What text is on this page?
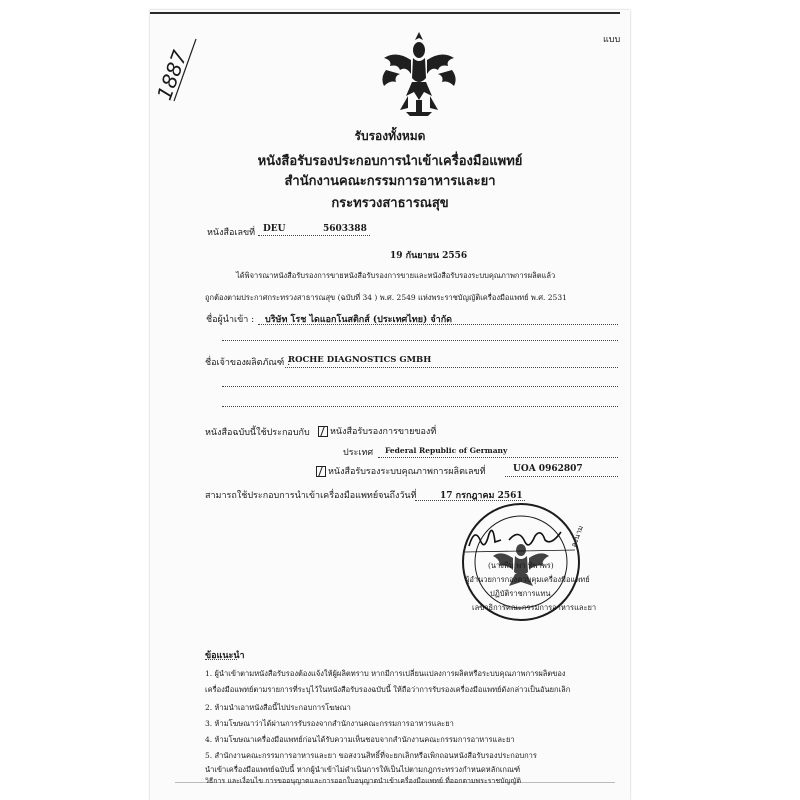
แบบ
1887
รับรองทั้งหมด
หนังสือรับรองประกอบการนำเข้าเครื่องมือแพทย์
สำนักงานคณะกรรมการอาหารและยา
กระทรวงสาธารณสุข
หนังสือเลขที่ DEU	5603388
19 กันยายน 2556
ได้พิจารณาหนังสือรับรองการขายหนังสือรับรองการขายและหนังสือรับรองระบบคุณภาพการผลิตแล้ว
ถูกต้องตามประกาศกระทรวงสาธารณสุข (ฉบับที่ 34 ) พ.ศ. 2549 แห่งพระราชบัญญัติเครื่องมือแพทย์ พ.ศ. 2531
ชื่อผู้นำเข้า : บริษัท โรช ไดแอกโนสติกส์ (ประเทศไทย) จำกัด
ชื่อเจ้าของผลิตภัณฑ์ :
ROCHE DIAGNOSTICS GMBH
หนังสือฉบับนี้ใช้ประกอบกับ	หนังสือรับรองการขายของที่
ประเทศ Federal Republic of Germany
หนังสือรับรองระบบคุณภาพการผลิตเลขที่	UOA 0962807
สามารถใช้ประกอบการนำเข้าเครื่องมือแพทย์จนถึงวันที่	17 กรกฎาคม 2561
ลงนาม
(นางพิม พา ทิพาพร)
ผู้อำนวยการกองควบคุมเครื่องมือแพทย์
ปฏิบัติราชการแทน
เลขาธิการคณะกรรมการอาหารและยา
ข้อแนะนำ
1. ผู้นำเข้าตามหนังสือรับรองต้องแจ้งให้ผู้ผลิตทราบ หากมีการเปลี่ยนแปลงการผลิตหรือระบบคุณภาพการผลิตของ
เครื่องมือแพทย์ตามรายการที่ระบุไว้ในหนังสือรับรองฉบับนี้ ให้ถือว่าการรับรองเครื่องมือแพทย์ดังกล่าวเป็นอันยกเลิก
2. ห้ามนำเอาหนังสือนี้ไปประกอบการโฆษณา
3. ห้ามโฆษณาว่าได้ผ่านการรับรองจากสำนักงานคณะกรรมการอาหารและยา
4. ห้ามโฆษณาเครื่องมือแพทย์ก่อนได้รับความเห็นชอบจากสำนักงานคณะกรรมการอาหารและยา
5. สำนักงานคณะกรรมการอาหารและยา ขอสงวนสิทธิ์ที่จะยกเลิกหรือเพิกถอนหนังสือรับรองประกอบการ
นำเข้าเครื่องมือแพทย์ฉบับนี้ หากผู้นำเข้าไม่ดำเนินการให้เป็นไปตามกฎกระทรวงกำหนดหลักเกณฑ์
วิธีการ และเงื่อนไข การขออนุญาตและการออกใบอนุญาตนำเข้าเครื่องมือแพทย์ ที่ออกตามพระราชบัญญัติ
